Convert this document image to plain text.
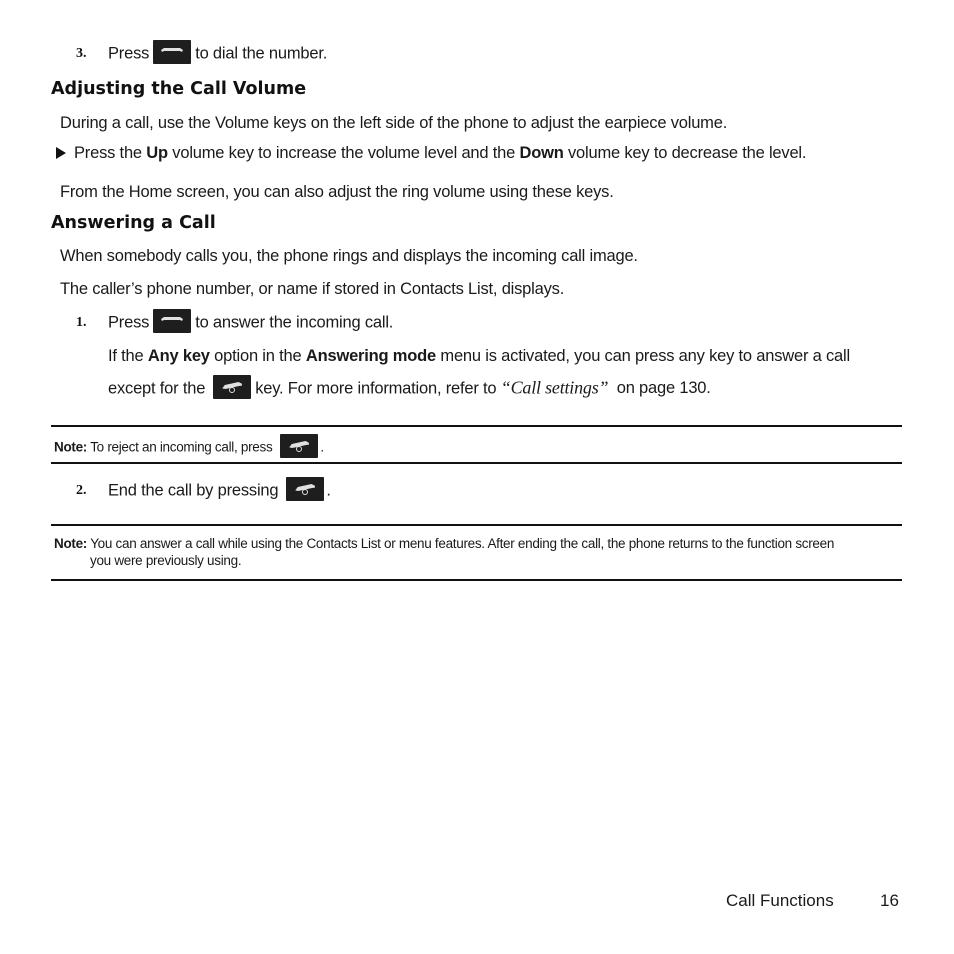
3. Press	to dial the number.
Adjusting the Call Volume
During a call, use the Volume keys on the left side of the phone to adjust the earpiece volume.
Press the Up volume key to increase the volume level and the Down volume key to decrease the level.
From the Home screen, you can also adjust the ring volume using these keys.
Answering a Call
When somebody calls you, the phone rings and displays the incoming call image.
The caller’s phone number, or name if stored in Contacts List, displays.
1. Press	to answer the incoming call.
If the Any key option in the Answering mode menu is activated, you can press any key to answer a call
except for the	key. For more information, refer to “Call settings” on page 130.
Note: To reject an incoming call, press	.
2. End the call by pressing	.
Note: You can answer a call while using the Contacts List or menu features. After ending the call, the phone returns to the function screen
you were previously using.
Call Functions	16
